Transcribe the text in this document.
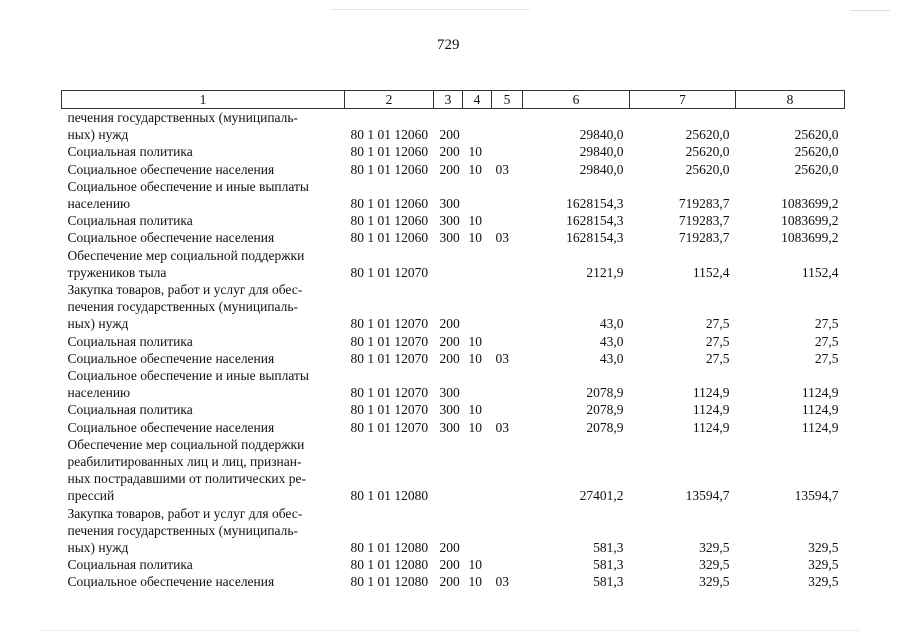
729
1	2	3	4	5	6	7	8
печения государственных (муниципаль-							
ных) нужд	80 1 01 12060	200			29840,0	25620,0	25620,0
Социальная политика	80 1 01 12060	200	10		29840,0	25620,0	25620,0
Социальное обеспечение населения	80 1 01 12060	200	10	03	29840,0	25620,0	25620,0
Социальное обеспечение и иные выплаты							
населению	80 1 01 12060	300			1628154,3	719283,7	1083699,2
Социальная политика	80 1 01 12060	300	10		1628154,3	719283,7	1083699,2
Социальное обеспечение населения	80 1 01 12060	300	10	03	1628154,3	719283,7	1083699,2
Обеспечение мер социальной поддержки							
тружеников тыла	80 1 01 12070				2121,9	1152,4	1152,4
Закупка товаров, работ и услуг для обес-							
печения государственных (муниципаль-							
ных) нужд	80 1 01 12070	200			43,0	27,5	27,5
Социальная политика	80 1 01 12070	200	10		43,0	27,5	27,5
Социальное обеспечение населения	80 1 01 12070	200	10	03	43,0	27,5	27,5
Социальное обеспечение и иные выплаты							
населению	80 1 01 12070	300			2078,9	1124,9	1124,9
Социальная политика	80 1 01 12070	300	10		2078,9	1124,9	1124,9
Социальное обеспечение населения	80 1 01 12070	300	10	03	2078,9	1124,9	1124,9
Обеспечение мер социальной поддержки							
реабилитированных лиц и лиц, признан-							
ных пострадавшими от политических ре-							
прессий	80 1 01 12080				27401,2	13594,7	13594,7
Закупка товаров, работ и услуг для обес-							
печения государственных (муниципаль-							
ных) нужд	80 1 01 12080	200			581,3	329,5	329,5
Социальная политика	80 1 01 12080	200	10		581,3	329,5	329,5
Социальное обеспечение населения	80 1 01 12080	200	10	03	581,3	329,5	329,5
